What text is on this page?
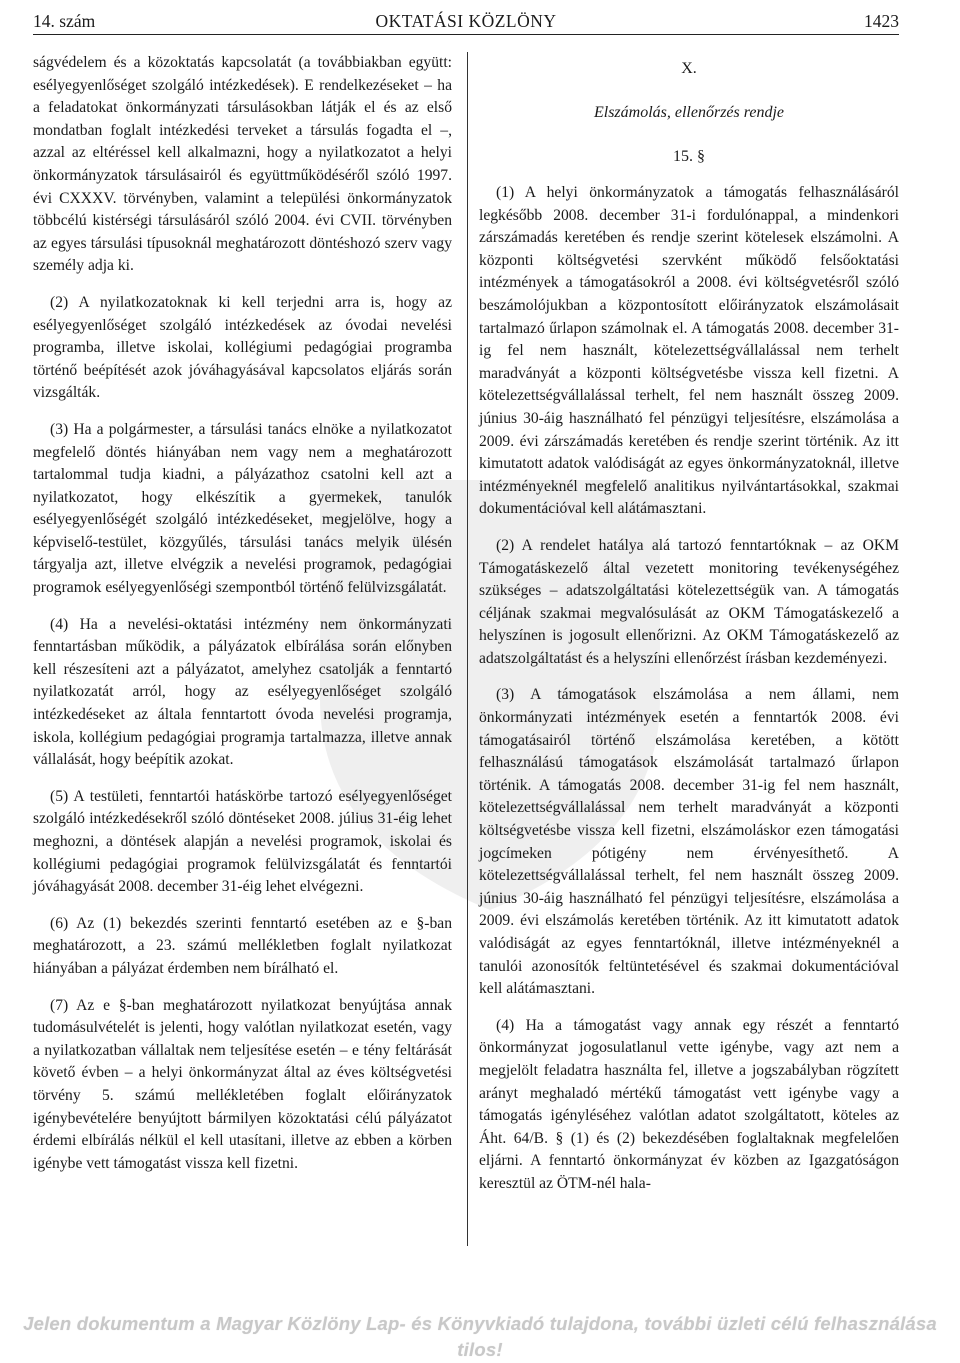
14. szám	OKTATÁSI KÖZLÖNY	1423

ságvédelem és a közoktatás kapcsolatát (a továbbiakban együtt: esélyegyenlőséget szolgáló intézkedések). E rendelkezéseket – ha a feladatokat önkormányzati társulásokban látják el és az első mondatban foglalt intézkedési terveket a társulás fogadta el –, azzal az eltéréssel kell alkalmazni, hogy a nyilatkozatot a helyi önkormányzatok társulásairól és együttműködéséről szóló 1997. évi CXXXV. törvényben, valamint a települési önkormányzatok többcélú kistérségi társulásáról szóló 2004. évi CVII. törvényben az egyes társulási típusoknál meghatározott döntéshozó szerv vagy személy adja ki.

(2) A nyilatkozatoknak ki kell terjedni arra is, hogy az esélyegyenlőséget szolgáló intézkedések az óvodai nevelési programba, illetve iskolai, kollégiumi pedagógiai programba történő beépítését azok jóváhagyásával kapcsolatos eljárás során vizsgálták.

(3) Ha a polgármester, a társulási tanács elnöke a nyilatkozatot megfelelő döntés hiányában nem vagy nem a meghatározott tartalommal tudja kiadni, a pályázathoz csatolni kell azt a nyilatkozatot, hogy elkészítik a gyermekek, tanulók esélyegyenlőségét szolgáló intézkedéseket, megjelölve, hogy a képviselő-testület, közgyűlés, társulási tanács melyik ülésén tárgyalja azt, illetve elvégzik a nevelési programok, pedagógiai programok esélyegyenlőségi szempontból történő felülvizsgálatát.

(4) Ha a nevelési-oktatási intézmény nem önkormányzati fenntartásban működik, a pályázatok elbírálása során előnyben kell részesíteni azt a pályázatot, amelyhez csatolják a fenntartó nyilatkozatát arról, hogy az esélyegyenlőséget szolgáló intézkedéseket az általa fenntartott óvoda nevelési programja, iskola, kollégium pedagógiai programja tartalmazza, illetve annak vállalását, hogy beépítik azokat.

(5) A testületi, fenntartói hatáskörbe tartozó esélyegyenlőséget szolgáló intézkedésekről szóló döntéseket 2008. július 31-éig lehet meghozni, a döntések alapján a nevelési programok, iskolai és kollégiumi pedagógiai programok felülvizsgálatát és fenntartói jóváhagyását 2008. december 31-éig lehet elvégezni.

(6) Az (1) bekezdés szerinti fenntartó esetében az e §-ban meghatározott, a 23. számú mellékletben foglalt nyilatkozat hiányában a pályázat érdemben nem bírálható el.

(7) Az e §-ban meghatározott nyilatkozat benyújtása annak tudomásulvételét is jelenti, hogy valótlan nyilatkozat esetén, vagy a nyilatkozatban vállaltak nem teljesítése esetén – e tény feltárását követő évben – a helyi önkormányzat által az éves költségvetési törvény 5. számú mellékletében foglalt előirányzatok igénybevételére benyújtott bármilyen közoktatási célú pályázatot érdemi elbírálás nélkül el kell utasítani, illetve az ebben a körben igénybe vett támogatást vissza kell fizetni.

X.
Elszámolás, ellenőrzés rendje
15. §

(1) A helyi önkormányzatok a támogatás felhasználásáról legkésőbb 2008. december 31-i fordulónappal, a mindenkori zárszámadás keretében és rendje szerint kötelesek elszámolni. A központi költségvetési szervként működő felsőoktatási intézmények a támogatásokról a 2008. évi költségvetésről szóló beszámolójukban a központosított előirányzatok elszámolásait tartalmazó űrlapon számolnak el. A támogatás 2008. december 31-ig fel nem használt, kötelezettségvállalással nem terhelt maradványát a központi költségvetésbe vissza kell fizetni. A kötelezettségvállalással terhelt, fel nem használt összeg 2009. június 30-áig használható fel pénzügyi teljesítésre, elszámolása a 2009. évi zárszámadás keretében és rendje szerint történik. Az itt kimutatott adatok valódiságát az egyes önkormányzatoknál, illetve intézményeknél megfelelő analitikus nyilvántartásokkal, szakmai dokumentációval kell alátámasztani.

(2) A rendelet hatálya alá tartozó fenntartóknak – az OKM Támogatáskezelő által vezetett monitoring tevékenységéhez szükséges – adatszolgáltatási kötelezettségük van. A támogatás céljának szakmai megvalósulását az OKM Támogatáskezelő a helyszínen is jogosult ellenőrizni. Az OKM Támogatáskezelő az adatszolgáltatást és a helyszíni ellenőrzést írásban kezdeményezi.

(3) A támogatások elszámolása a nem állami, nem önkormányzati intézmények esetén a fenntartók 2008. évi támogatásairól történő elszámolása keretében, a kötött felhasználású támogatások elszámolását tartalmazó űrlapon történik. A támogatás 2008. december 31-ig fel nem használt, kötelezettségvállalással nem terhelt maradványát a központi költségvetésbe vissza kell fizetni, elszámoláskor ezen támogatási jogcímeken pótigény nem érvényesíthető. A kötelezettségvállalással terhelt, fel nem használt összeg 2009. június 30-áig használható fel pénzügyi teljesítésre, elszámolása a 2009. évi elszámolás keretében történik. Az itt kimutatott adatok valódiságát az egyes fenntartóknál, illetve intézményeknél a tanulói azonosítók feltüntetésével és szakmai dokumentációval kell alátámasztani.

(4) Ha a támogatást vagy annak egy részét a fenntartó önkormányzat jogosulatlanul vette igénybe, vagy azt nem a megjelölt feladatra használta fel, illetve a jogszabályban rögzített arányt meghaladó mértékű támogatást vett igénybe vagy a támogatás igényléséhez valótlan adatot szolgáltatott, köteles az Áht. 64/B. § (1) és (2) bekezdésében foglaltaknak megfelelően eljárni. A fenntartó önkormányzat év közben az Igazgatóságon keresztül az ÖTM-nél hala-

Jelen dokumentum a Magyar Közlöny Lap- és Könyvkiadó tulajdona, további üzleti célú felhasználása tilos!
